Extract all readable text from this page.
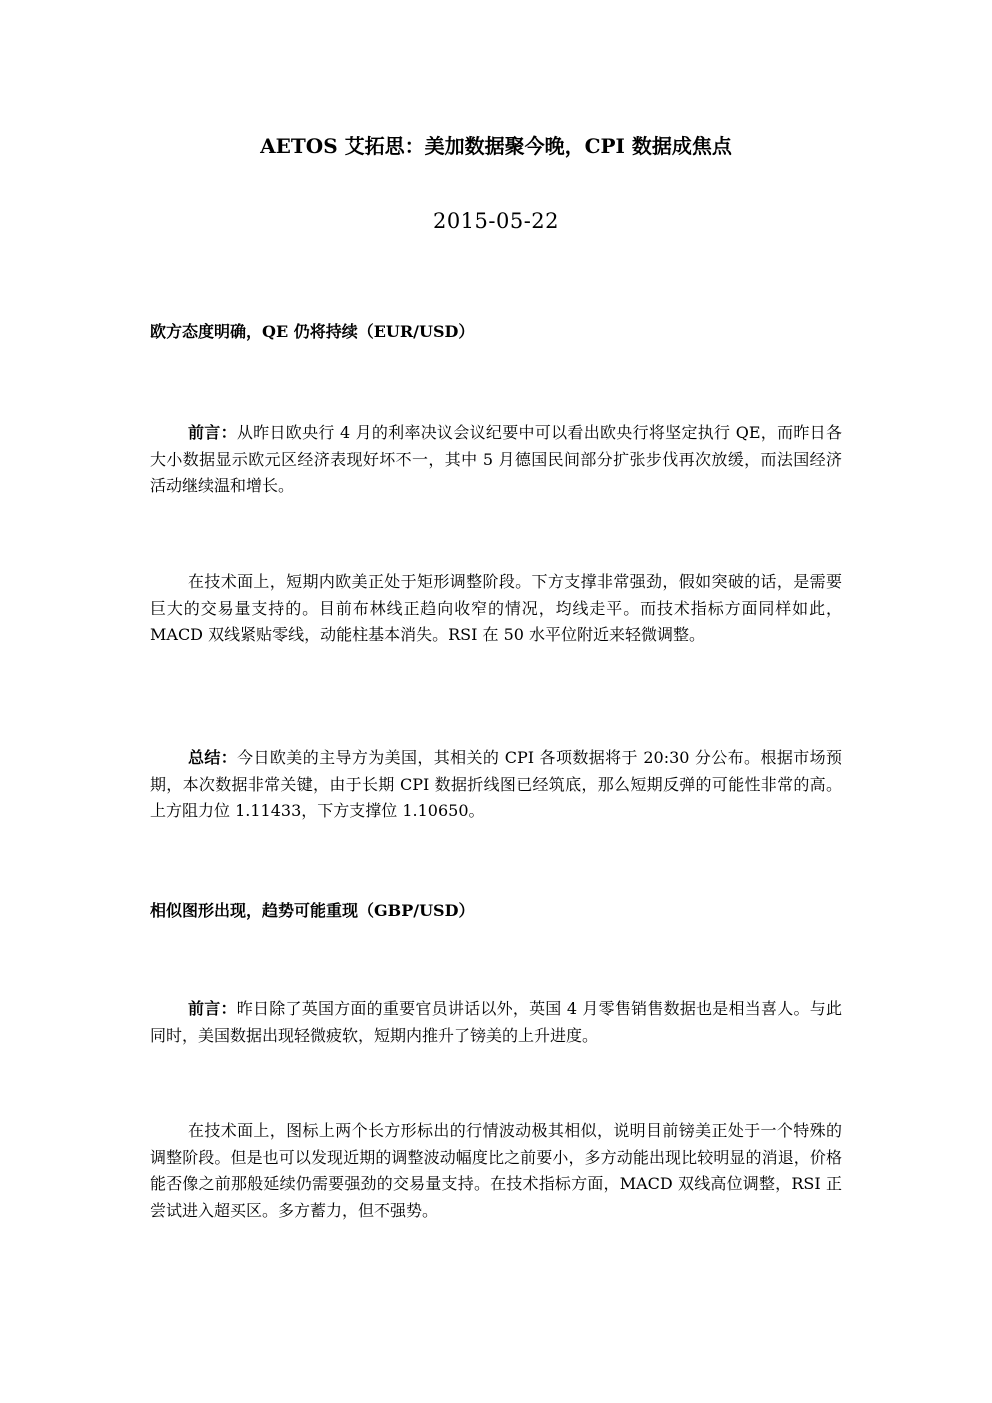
AETOS 艾拓思：美加数据聚今晚，CPI 数据成焦点
2015-05-22
欧方态度明确，QE 仍将持续（EUR/USD）

前言：从昨日欧央行 4 月的利率决议会议纪要中可以看出欧央行将坚定执行 QE，而昨日各大小数据显示欧元区经济表现好坏不一，其中 5 月德国民间部分扩张步伐再次放缓，而法国经济活动继续温和增长。

在技术面上，短期内欧美正处于矩形调整阶段。下方支撑非常强劲，假如突破的话，是需要巨大的交易量支持的。目前布林线正趋向收窄的情况，均线走平。而技术指标方面同样如此，MACD 双线紧贴零线，动能柱基本消失。RSI 在 50 水平位附近来轻微调整。

总结：今日欧美的主导方为美国，其相关的 CPI 各项数据将于 20:30 分公布。根据市场预期，本次数据非常关键，由于长期 CPI 数据折线图已经筑底，那么短期反弹的可能性非常的高。上方阻力位 1.11433，下方支撑位 1.10650。

相似图形出现，趋势可能重现（GBP/USD）

前言：昨日除了英国方面的重要官员讲话以外，英国 4 月零售销售数据也是相当喜人。与此同时，美国数据出现轻微疲软，短期内推升了镑美的上升进度。

在技术面上，图标上两个长方形标出的行情波动极其相似，说明目前镑美正处于一个特殊的调整阶段。但是也可以发现近期的调整波动幅度比之前要小，多方动能出现比较明显的消退，价格能否像之前那般延续仍需要强劲的交易量支持。在技术指标方面，MACD 双线高位调整，RSI 正尝试进入超买区。多方蓄力，但不强势。
